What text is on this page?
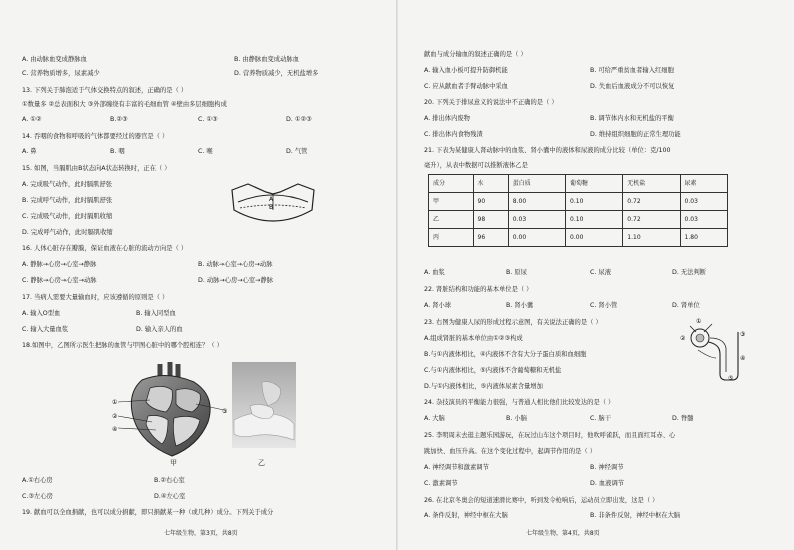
A. 由动脉血变成静脉血	B. 由静脉血变成动脉血
C. 营养物质增多，尿素减少	D. 营养物质减少，无机盐增多
13. 下列关于肺泡适于气体交换特点的叙述，正确的是（ ）
①数量多 ②总表面积大 ③外部缠绕有丰富的毛细血管 ④壁由多层细胞构成
A. ①②	B.②③	C. ①③	D. ①②③
14. 吞咽的食物和呼吸的气体都要经过的器官是（ ）
A. 鼻	B. 咽	C. 喉	D. 气管
15. 如图，当膈肌由B状态向A状态转换时，正在（ ）
A. 完成吸气动作，此时膈肌舒张
B. 完成呼气动作，此时膈肌舒张
C. 完成吸气动作，此时膈肌收缩
D. 完成呼气动作，此时膈肌收缩
A
B
16. 人体心脏存在瓣膜，保证血液在心脏的流动方向是（ ）
A. 静脉→心房→心室→静脉	B. 动脉→心室→心房→动脉
C. 静脉→心房→心室→动脉	D. 动脉→心房→心室→静脉
17. 当病人需要大量输血时，应该遵循的原则是（ ）
A. 输入O型血	B. 输入同型血
C. 输入大量血浆	D. 输入亲人的血
18.如图中，乙图所示医生把脉的血管与甲图心脏中的哪个腔相连？（ ）
①
②
④
③
甲	乙
A.①右心房	B.②右心室
C.③左心房	D.④左心室
19. 献血可以全血捐献，也可以成分捐献，即只捐献某一种（或几种）成分。下列关于成分
七年级生物，第3页，共8页
献血与成分输血的叙述正确的是（ ）
A. 输入血小板可提升防御机能	B. 可给严重贫血者输入红细胞
C. 应从献血者手臂动脉中采血	D. 失血后血液成分不可以恢复
20. 下列关于排尿意义的说法中不正确的是（ ）
A. 排出体内废物	B. 调节体内水和无机盐的平衡
C. 排出体内食物残渣	D. 维持组织细胞的正常生理功能
21. 下表为某健康人肾动脉中的血浆、肾小囊中的液体和尿液的成分比较（单位：克/100
毫升），从表中数据可以推断液体乙是
成分	水	蛋白质	葡萄糖	无机盐	尿素
甲	90	8.00	0.10	0.72	0.03
乙	98	0.03	0.10	0.72	0.03
丙	96	0.00	0.00	1.10	1.80
A. 血浆	B. 原尿	C. 尿液	D. 无法判断
22. 肾脏结构和功能的基本单位是（ ）
A. 肾小球	B. 肾小囊	C. 肾小管	D. 肾单位
23. 右图为健康人尿的形成过程示意图，有关说法正确的是（ ）
A.组成肾脏的基本单位由①②③构成
B.与①内液体相比，④内液体不含有大分子蛋白质和血细胞
C.与①内液体相比，⑤内液体不含葡萄糖和无机盐
D.与①内液体相比，⑤内液体尿素含量增加
①
②
③
④
⑤
24. 杂技演员的平衡能力很强，与普通人相比他们比较发达的是（ ）
A. 大脑	B. 小脑	C. 脑干	D. 脊髓
25. 李明周末去逛主题乐园游玩，在玩过山车这个项目时，他吹呼雀跃，而且面红耳赤、心
跳加快、血压升高。在这个变化过程中，起调节作用的是（ ）
A. 神经调节和激素调节	B. 神经调节
C. 激素调节	D. 血液调节
26. 在北京冬奥会的短道速滑比赛中，听到发令枪响后，运动员立即出发，这是（ ）
A. 条件反射，神经中枢在大脑	B. 非条件反射，神经中枢在大脑
七年级生物，第4页，共8页
